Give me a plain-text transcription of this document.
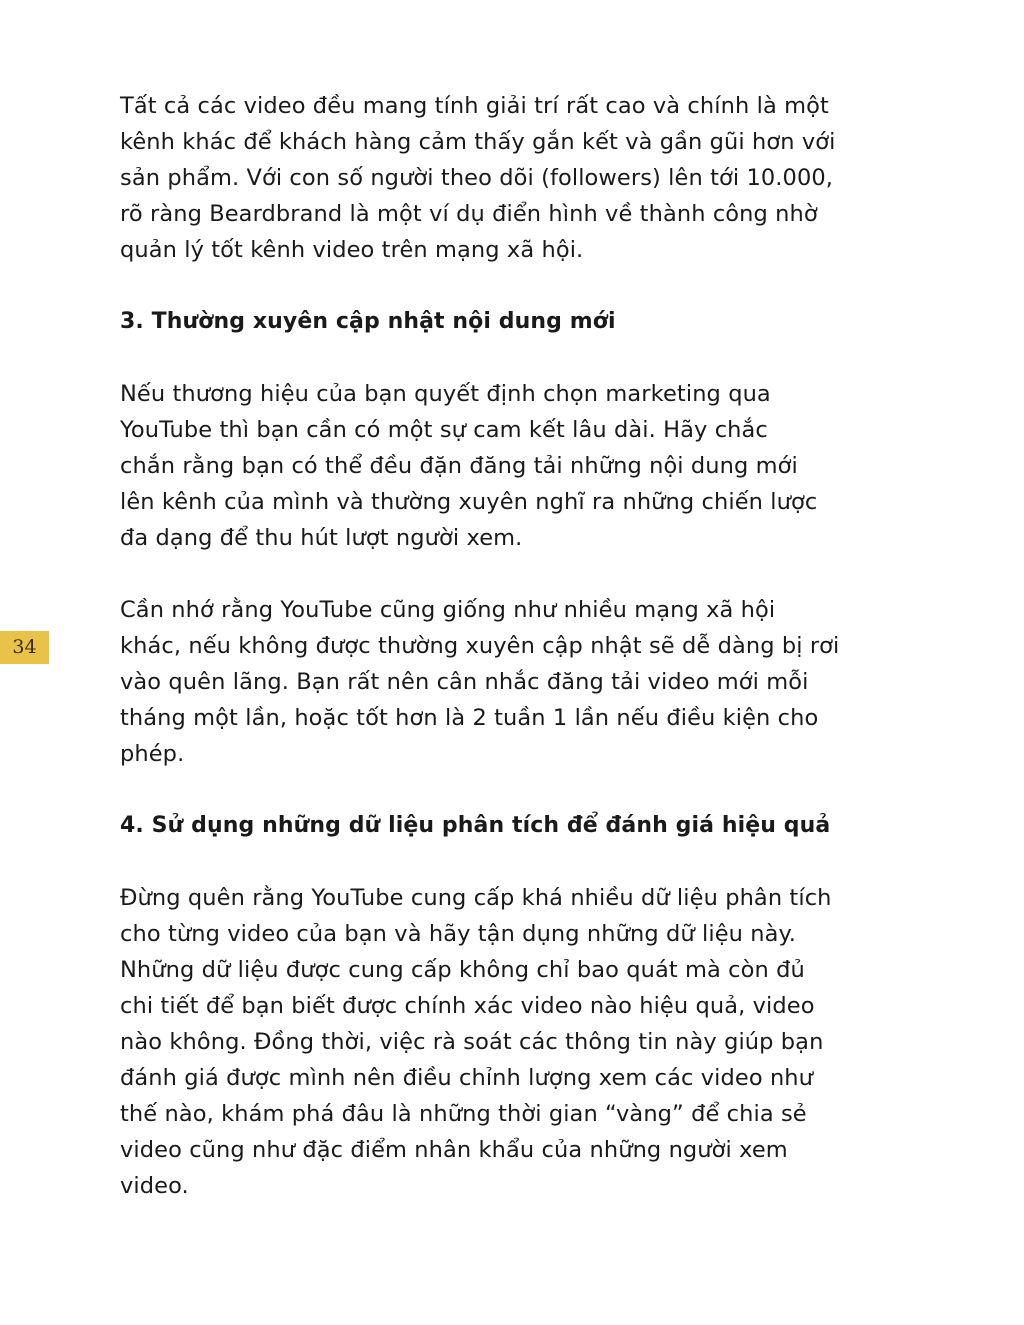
34

Tất cả các video đều mang tính giải trí rất cao và chính là một
kênh khác để khách hàng cảm thấy gắn kết và gần gũi hơn với
sản phẩm. Với con số người theo dõi (followers) lên tới 10.000,
rõ ràng Beardbrand là một ví dụ điển hình về thành công nhờ
quản lý tốt kênh video trên mạng xã hội.

3. Thường xuyên cập nhật nội dung mới

Nếu thương hiệu của bạn quyết định chọn marketing qua
YouTube thì bạn cần có một sự cam kết lâu dài. Hãy chắc
chắn rằng bạn có thể đều đặn đăng tải những nội dung mới
lên kênh của mình và thường xuyên nghĩ ra những chiến lược
đa dạng để thu hút lượt người xem.

Cần nhớ rằng YouTube cũng giống như nhiều mạng xã hội
khác, nếu không được thường xuyên cập nhật sẽ dễ dàng bị rơi
vào quên lãng. Bạn rất nên cân nhắc đăng tải video mới mỗi
tháng một lần, hoặc tốt hơn là 2 tuần 1 lần nếu điều kiện cho
phép.

4. Sử dụng những dữ liệu phân tích để đánh giá hiệu quả

Đừng quên rằng YouTube cung cấp khá nhiều dữ liệu phân tích
cho từng video của bạn và hãy tận dụng những dữ liệu này.
Những dữ liệu được cung cấp không chỉ bao quát mà còn đủ
chi tiết để bạn biết được chính xác video nào hiệu quả, video
nào không. Đồng thời, việc rà soát các thông tin này giúp bạn
đánh giá được mình nên điều chỉnh lượng xem các video như
thế nào, khám phá đâu là những thời gian “vàng” để chia sẻ
video cũng như đặc điểm nhân khẩu của những người xem
video.
